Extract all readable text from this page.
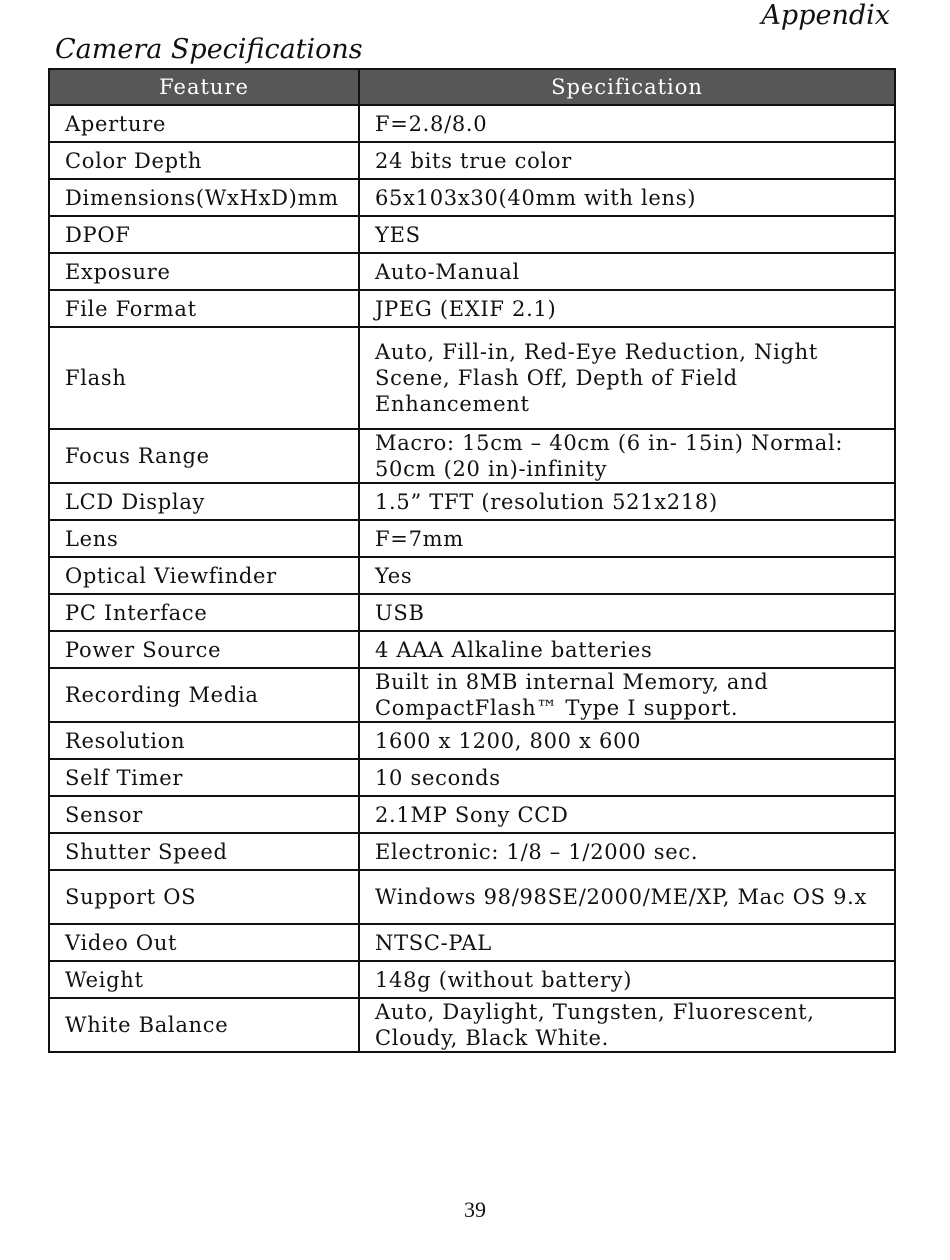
Appendix
Camera Specifications
Feature	Specification
Aperture	F=2.8/8.0
Color Depth	24 bits true color
Dimensions(WxHxD)mm	65x103x30(40mm with lens)
DPOF	YES
Exposure	Auto-Manual
File Format	JPEG (EXIF 2.1)
Flash	Auto, Fill-in, Red-Eye Reduction, Night Scene, Flash Off, Depth of Field Enhancement
Focus Range	Macro: 15cm – 40cm (6 in- 15in) Normal: 50cm (20 in)-infinity
LCD Display	1.5” TFT (resolution 521x218)
Lens	F=7mm
Optical Viewfinder	Yes
PC Interface	USB
Power Source	4 AAA Alkaline batteries
Recording Media	Built in 8MB internal Memory, and CompactFlash™ Type I support.
Resolution	1600 x 1200, 800 x 600
Self Timer	10 seconds
Sensor	2.1MP Sony CCD
Shutter Speed	Electronic: 1/8 – 1/2000 sec.
Support OS	Windows 98/98SE/2000/ME/XP, Mac OS 9.x
Video Out	NTSC-PAL
Weight	148g (without battery)
White Balance	Auto, Daylight, Tungsten, Fluorescent, Cloudy, Black White.
39
